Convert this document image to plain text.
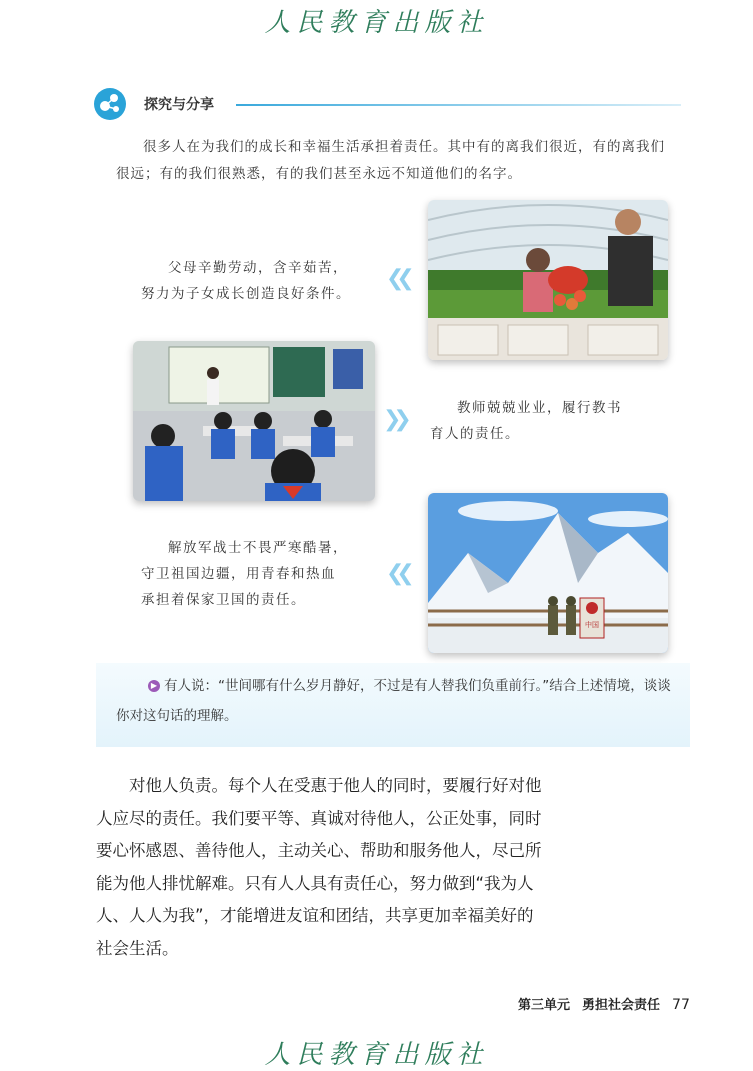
人民教育出版社
探究与分享
很多人在为我们的成长和幸福生活承担着责任。其中有的离我们很近，有的离我们很远；有的我们很熟悉，有的我们甚至永远不知道他们的名字。

父母辛勤劳动，含辛茹苦，

努力为子女成长创造良好条件。

❮❮
❯❯	教师兢兢业业，履行教书

育人的责任。

解放军战士不畏严寒酷暑，

守卫祖国边疆，用青春和热血

承担着保家卫国的责任。

❮❮
中国
▶ 有人说：“世间哪有什么岁月静好，不过是有人替我们负重前行。”结合上述情境，谈谈你对这句话的理解。

对他人负责。每个人在受惠于他人的同时，要履行好对他人应尽的责任。我们要平等、真诚对待他人，公正处事，同时要心怀感恩、善待他人，主动关心、帮助和服务他人，尽己所能为他人排忧解难。只有人人具有责任心，努力做到“我为人人、人人为我”，才能增进友谊和团结，共享更加幸福美好的社会生活。

第三单元 勇担社会责任 77
人民教育出版社
